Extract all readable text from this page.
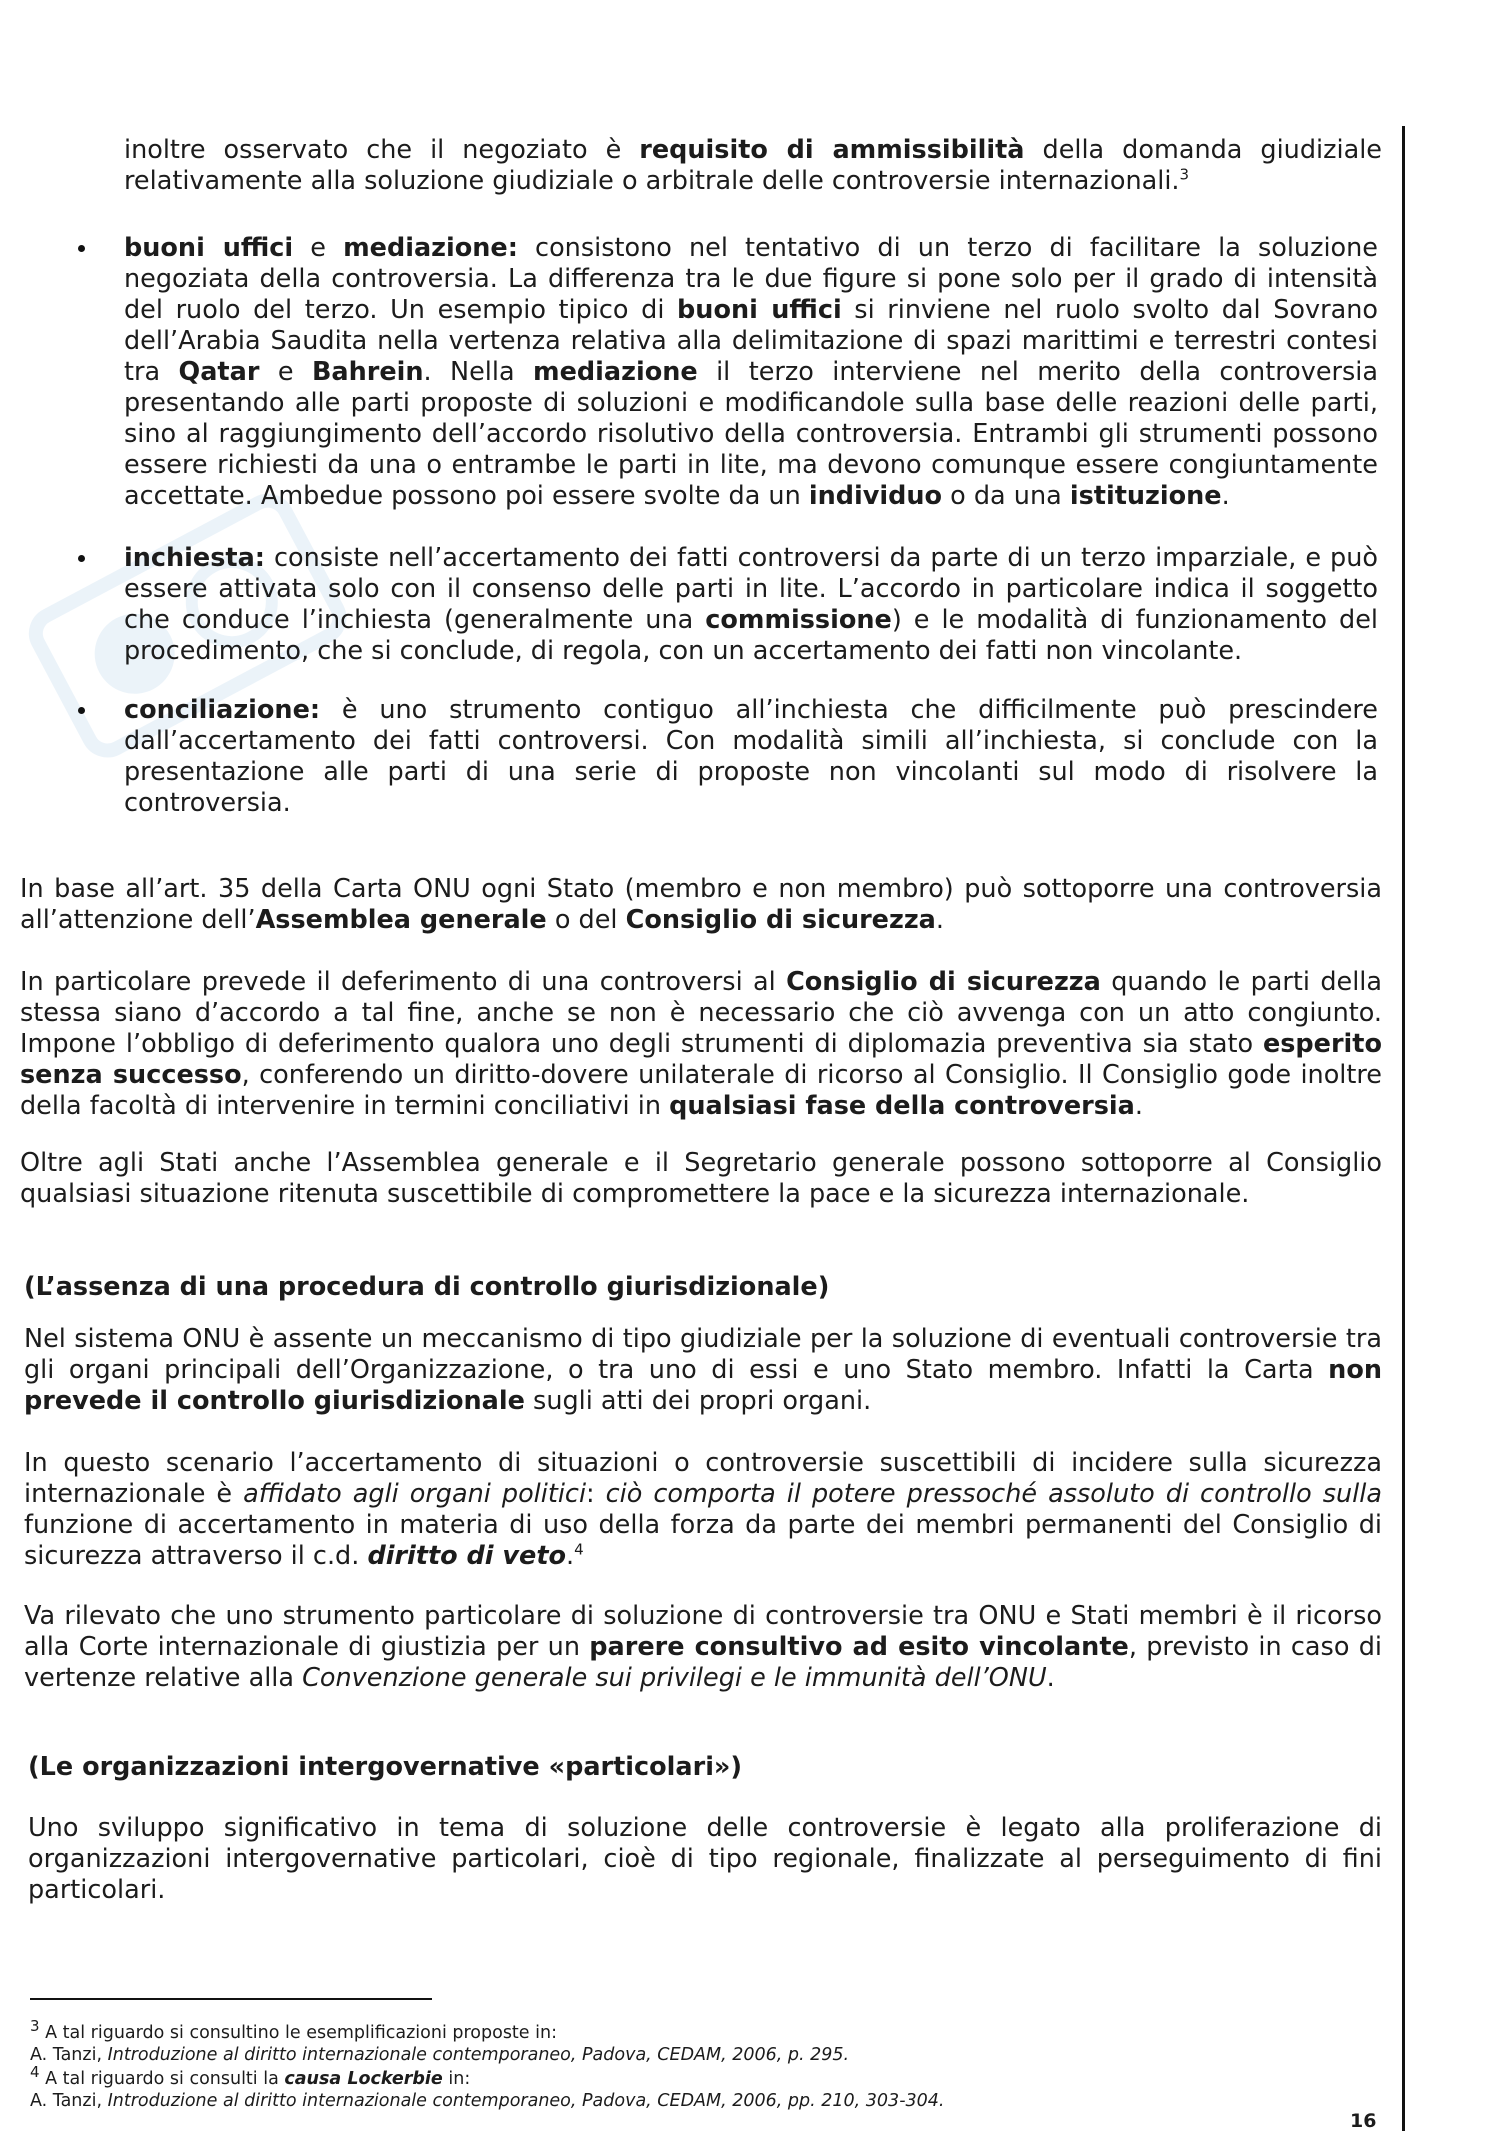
inoltre osservato che il negoziato è requisito di ammissibilità della domanda giudiziale relativamente alla soluzione giudiziale o arbitrale delle controversie internazionali.$^3$
buoni uffici e mediazione: consistono nel tentativo di un terzo di facilitare la soluzione negoziata della controversia. La differenza tra le due figure si pone solo per il grado di intensità del ruolo del terzo. Un esempio tipico di buoni uffici si rinviene nel ruolo svolto dal Sovrano dell’Arabia Saudita nella vertenza relativa alla delimitazione di spazi marittimi e terrestri contesi tra Qatar e Bahrein. Nella mediazione il terzo interviene nel merito della controversia presentando alle parti proposte di soluzioni e modificandole sulla base delle reazioni delle parti, sino al raggiungimento dell’accordo risolutivo della controversia. Entrambi gli strumenti possono essere richiesti da una o entrambe le parti in lite, ma devono comunque essere congiuntamente accettate. Ambedue possono poi essere svolte da un individuo o da una istituzione.
inchiesta: consiste nell’accertamento dei fatti controversi da parte di un terzo imparziale, e può essere attivata solo con il consenso delle parti in lite. L’accordo in particolare indica il soggetto che conduce l’inchiesta (generalmente una commissione) e le modalità di funzionamento del procedimento, che si conclude, di regola, con un accertamento dei fatti non vincolante.
conciliazione: è uno strumento contiguo all’inchiesta che difficilmente può prescindere dall’accertamento dei fatti controversi. Con modalità simili all’inchiesta, si conclude con la presentazione alle parti di una serie di proposte non vincolanti sul modo di risolvere la controversia.
In base all’art. 35 della Carta ONU ogni Stato (membro e non membro) può sottoporre una controversia all’attenzione dell’Assemblea generale o del Consiglio di sicurezza.
In particolare prevede il deferimento di una controversi al Consiglio di sicurezza quando le parti della stessa siano d’accordo a tal fine, anche se non è necessario che ciò avvenga con un atto congiunto. Impone l’obbligo di deferimento qualora uno degli strumenti di diplomazia preventiva sia stato esperito senza successo, conferendo un diritto-dovere unilaterale di ricorso al Consiglio. Il Consiglio gode inoltre della facoltà di intervenire in termini conciliativi in qualsiasi fase della controversia.
Oltre agli Stati anche l’Assemblea generale e il Segretario generale possono sottoporre al Consiglio qualsiasi situazione ritenuta suscettibile di compromettere la pace e la sicurezza internazionale.
(L’assenza di una procedura di controllo giurisdizionale)
Nel sistema ONU è assente un meccanismo di tipo giudiziale per la soluzione di eventuali controversie tra gli organi principali dell’Organizzazione, o tra uno di essi e uno Stato membro. Infatti la Carta non prevede il controllo giurisdizionale sugli atti dei propri organi.
In questo scenario l’accertamento di situazioni o controversie suscettibili di incidere sulla sicurezza internazionale è affidato agli organi politici: ciò comporta il potere pressoché assoluto di controllo sulla funzione di accertamento in materia di uso della forza da parte dei membri permanenti del Consiglio di sicurezza attraverso il c.d. diritto di veto.$^4$
Va rilevato che uno strumento particolare di soluzione di controversie tra ONU e Stati membri è il ricorso alla Corte internazionale di giustizia per un parere consultivo ad esito vincolante, previsto in caso di vertenze relative alla Convenzione generale sui privilegi e le immunità dell’ONU.
(Le organizzazioni intergovernative «particolari»)
Uno sviluppo significativo in tema di soluzione delle controversie è legato alla proliferazione di organizzazioni intergovernative particolari, cioè di tipo regionale, finalizzate al perseguimento di fini particolari.
$^3$ A tal riguardo si consultino le esemplificazioni proposte in:
A. Tanzi, Introduzione al diritto internazionale contemporaneo, Padova, CEDAM, 2006, p. 295.
$^4$ A tal riguardo si consulti la causa Lockerbie in:
A. Tanzi, Introduzione al diritto internazionale contemporaneo, Padova, CEDAM, 2006, pp. 210, 303-304.
16
